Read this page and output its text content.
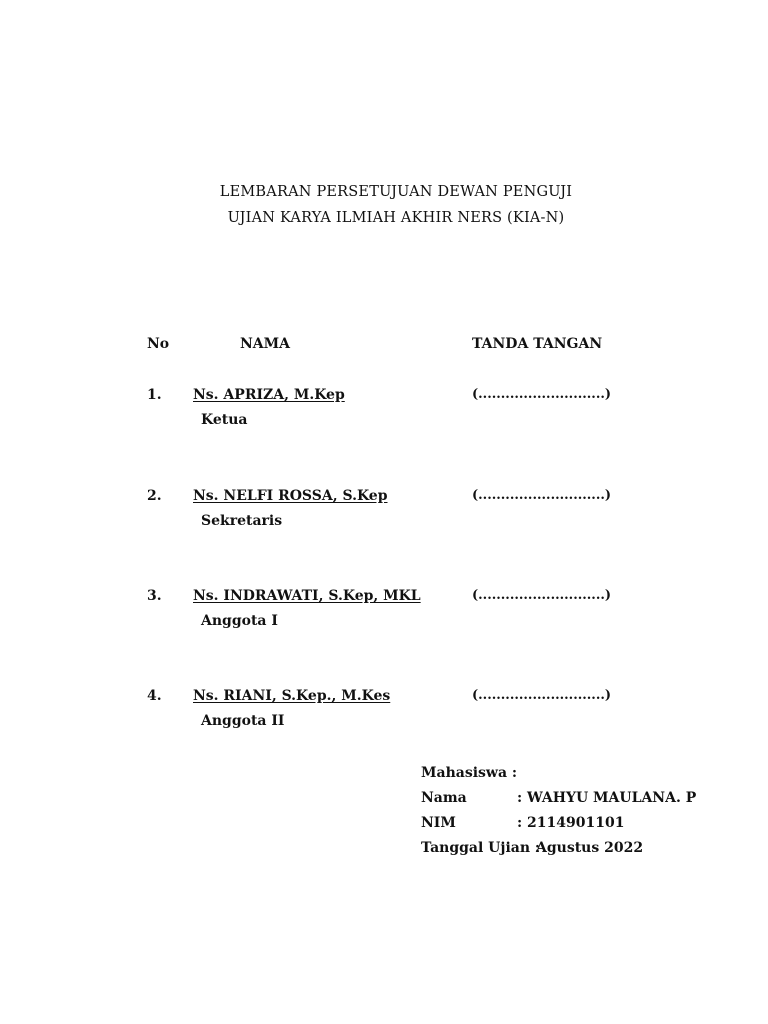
LEMBARAN PERSETUJUAN DEWAN PENGUJI
UJIAN KARYA ILMIAH AKHIR NERS (KIA-N)
No	NAMA	TANDA TANGAN
1. Ns. APRIZA, M.Kep
Ketua
(............................)
2. Ns. NELFI ROSSA, S.Kep
Sekretaris
(............................)
3. Ns. INDRAWATI, S.Kep, MKL
Anggota I
(............................)
4. Ns. RIANI, S.Kep., M.Kes
Anggota II
(............................)
Mahasiswa :
Nama	: WAHYU MAULANA. P
NIM	: 2114901101
Tanggal Ujian :
Agustus 2022
